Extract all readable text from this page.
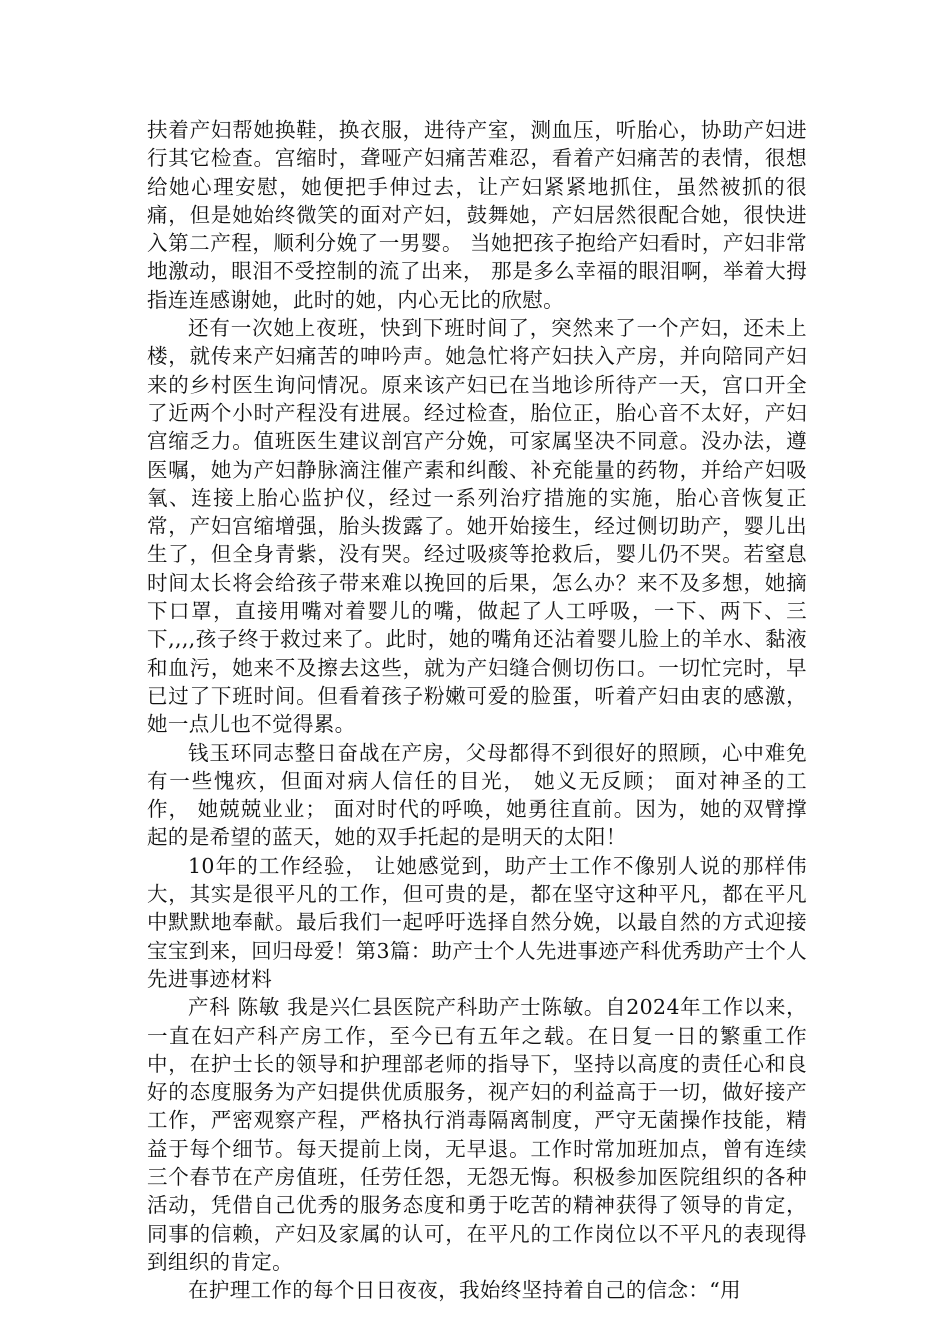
扶着产妇帮她换鞋，换衣服，进待产室，测血压，听胎心，协助产妇进行其它检查。宫缩时，聋哑产妇痛苦难忍，看着产妇痛苦的表情，很想给她心理安慰，她便把手伸过去，让产妇紧紧地抓住，虽然被抓的很痛，但是她始终微笑的面对产妇，鼓舞她，产妇居然很配合她，很快进入第二产程，顺利分娩了一男婴。 当她把孩子抱给产妇看时，产妇非常地激动，眼泪不受控制的流了出来， 那是多么幸福的眼泪啊，举着大拇指连连感谢她，此时的她，内心无比的欣慰。

还有一次她上夜班，快到下班时间了，突然来了一个产妇，还未上楼，就传来产妇痛苦的呻吟声。她急忙将产妇扶入产房，并向陪同产妇来的乡村医生询问情况。原来该产妇已在当地诊所待产一天，宫口开全了近两个小时产程没有进展。经过检查，胎位正，胎心音不太好，产妇宫缩乏力。值班医生建议剖宫产分娩，可家属坚决不同意。没办法，遵医嘱，她为产妇静脉滴注催产素和纠酸、补充能量的药物，并给产妇吸氧、连接上胎心监护仪，经过一系列治疗措施的实施，胎心音恢复正常，产妇宫缩增强，胎头拨露了。她开始接生，经过侧切助产，婴儿出生了，但全身青紫，没有哭。经过吸痰等抢救后，婴儿仍不哭。若窒息时间太长将会给孩子带来难以挽回的后果，怎么办？来不及多想，她摘下口罩，直接用嘴对着婴儿的嘴，做起了人工呼吸，一下、两下、三下,,,,孩子终于救过来了。此时，她的嘴角还沾着婴儿脸上的羊水、黏液和血污，她来不及擦去这些，就为产妇缝合侧切伤口。一切忙完时，早已过了下班时间。但看着孩子粉嫩可爱的脸蛋，听着产妇由衷的感激，她一点儿也不觉得累。

钱玉环同志整日奋战在产房，父母都得不到很好的照顾，心中难免有一些愧疚，但面对病人信任的目光， 她义无反顾； 面对神圣的工作， 她兢兢业业； 面对时代的呼唤，她勇往直前。因为，她的双臂撑起的是希望的蓝天，她的双手托起的是明天的太阳！

10年的工作经验， 让她感觉到，助产士工作不像别人说的那样伟大，其实是很平凡的工作，但可贵的是，都在坚守这种平凡，都在平凡中默默地奉献。最后我们一起呼吁选择自然分娩，以最自然的方式迎接宝宝到来，回归母爱！第3篇：助产士个人先进事迹产科优秀助产士个人先进事迹材料

产科 陈敏 我是兴仁县医院产科助产士陈敏。自2024年工作以来，一直在妇产科产房工作，至今已有五年之载。在日复一日的繁重工作中，在护士长的领导和护理部老师的指导下，坚持以高度的责任心和良好的态度服务为产妇提供优质服务，视产妇的利益高于一切，做好接产工作，严密观察产程，严格执行消毒隔离制度，严守无菌操作技能，精益于每个细节。每天提前上岗，无早退。工作时常加班加点，曾有连续三个春节在产房值班，任劳任怨，无怨无悔。积极参加医院组织的各种活动，凭借自己优秀的服务态度和勇于吃苦的精神获得了领导的肯定，同事的信赖，产妇及家属的认可，在平凡的工作岗位以不平凡的表现得到组织的肯定。

在护理工作的每个日日夜夜，我始终坚持着自己的信念：“用
